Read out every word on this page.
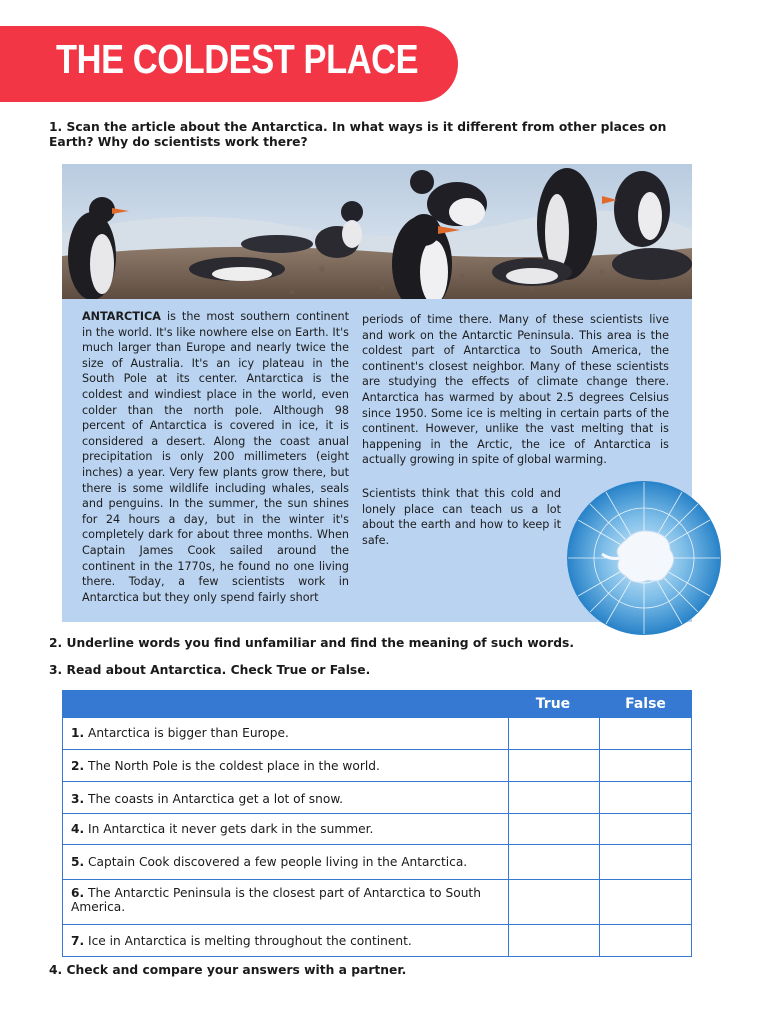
THE COLDEST PLACE
1. Scan the article about the Antarctica. In what ways is it different from other places on Earth? Why do scientists work there?
ANTARCTICA is the most southern continent in the world. It's like nowhere else on Earth. It's much larger than Europe and nearly twice the size of Australia. It's an icy plateau in the South Pole at its center. Antarctica is the coldest and windiest place in the world, even colder than the north pole. Although 98 percent of Antarctica is covered in ice, it is considered a desert. Along the coast anual precipitation is only 200 millimeters (eight inches) a year. Very few plants grow there, but there is some wildlife including whales, seals and penguins. In the summer, the sun shines for 24 hours a day, but in the winter it's completely dark for about three months. When Captain James Cook sailed around the continent in the 1770s, he found no one living there. Today, a few scientists work in Antarctica but they only spend fairly short
periods of time there. Many of these scientists live and work on the Antarctic Peninsula. This area is the coldest part of Antarctica to South America, the continent's closest neighbor. Many of these scientists are studying the effects of climate change there. Antarctica has warmed by about 2.5 degrees Celsius since 1950. Some ice is melting in certain parts of the continent. However, unlike the vast melting that is happening in the Arctic, the ice of Antarctica is actually growing in spite of global warming.
Scientists think that this cold and lonely place can teach us a lot about the earth and how to keep it safe.
2. Underline words you find unfamiliar and find the meaning of such words.
3. Read about Antarctica. Check True or False.
True	False
1. Antarctica is bigger than Europe.
2. The North Pole is the coldest place in the world.
3. The coasts in Antarctica get a lot of snow.
4. In Antarctica it never gets dark in the summer.
5. Captain Cook discovered a few people living in the Antarctica.
6. The Antarctic Peninsula is the closest part of Antarctica to South America.
7. Ice in Antarctica is melting throughout the continent.
4. Check and compare your answers with a partner.
